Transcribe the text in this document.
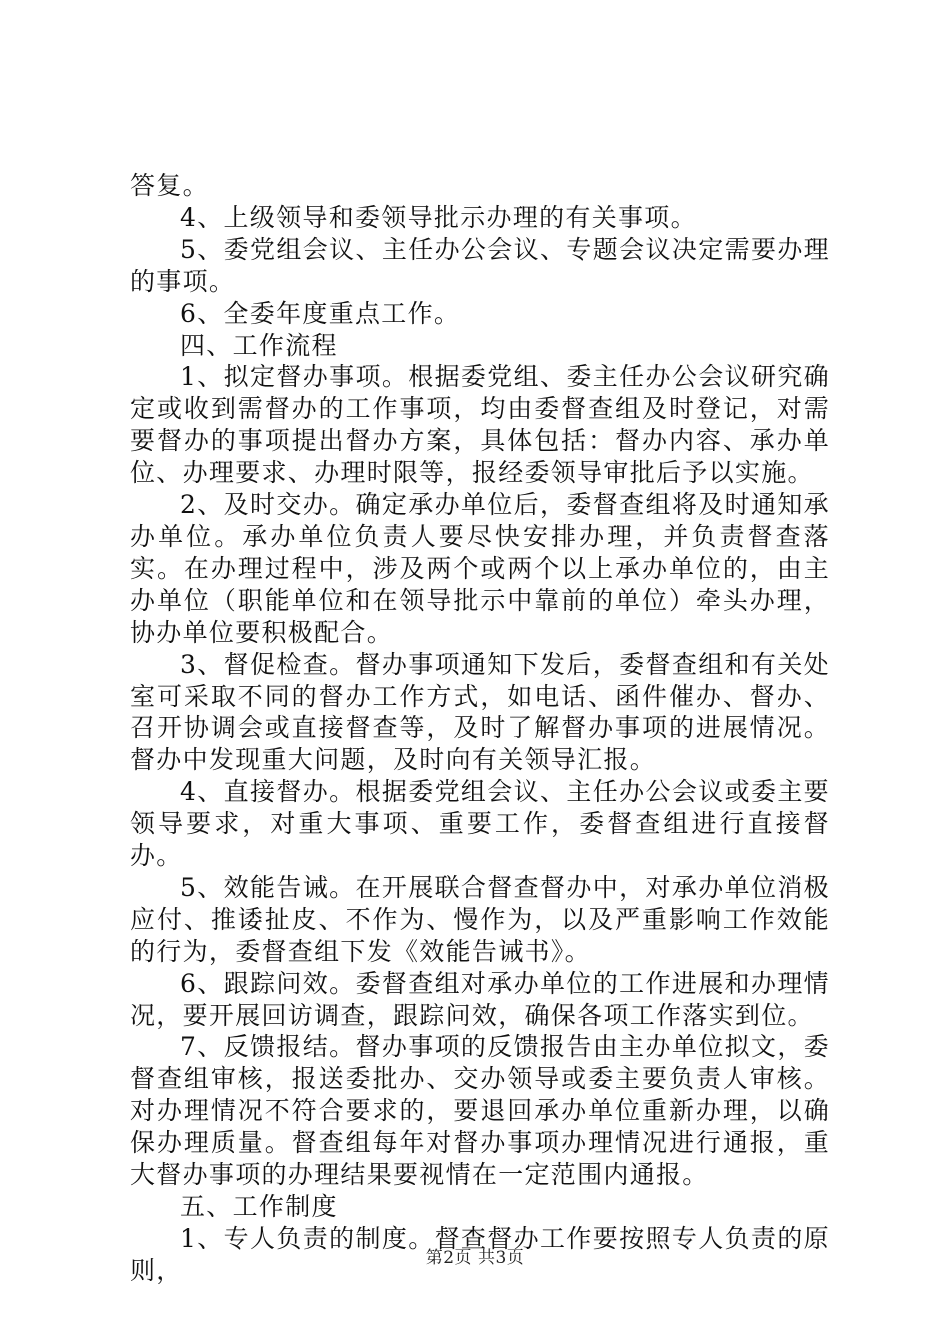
答复。

4、上级领导和委领导批示办理的有关事项。

5、委党组会议、主任办公会议、专题会议决定需要办理的事项。

6、全委年度重点工作。

四、工作流程

1、拟定督办事项。根据委党组、委主任办公会议研究确定或收到需督办的工作事项，均由委督查组及时登记，对需要督办的事项提出督办方案，具体包括：督办内容、承办单位、办理要求、办理时限等，报经委领导审批后予以实施。

2、及时交办。确定承办单位后，委督查组将及时通知承办单位。承办单位负责人要尽快安排办理，并负责督查落实。在办理过程中，涉及两个或两个以上承办单位的，由主办单位（职能单位和在领导批示中靠前的单位）牵头办理，协办单位要积极配合。

3、督促检查。督办事项通知下发后，委督查组和有关处室可采取不同的督办工作方式，如电话、函件催办、督办、召开协调会或直接督查等，及时了解督办事项的进展情况。督办中发现重大问题，及时向有关领导汇报。

4、直接督办。根据委党组会议、主任办公会议或委主要领导要求，对重大事项、重要工作，委督查组进行直接督办。

5、效能告诫。在开展联合督查督办中，对承办单位消极应付、推诿扯皮、不作为、慢作为，以及严重影响工作效能的行为，委督查组下发《效能告诫书》。

6、跟踪问效。委督查组对承办单位的工作进展和办理情况，要开展回访调查，跟踪问效，确保各项工作落实到位。

7、反馈报结。督办事项的反馈报告由主办单位拟文，委督查组审核，报送委批办、交办领导或委主要负责人审核。对办理情况不符合要求的，要退回承办单位重新办理，以确保办理质量。督查组每年对督办事项办理情况进行通报，重大督办事项的办理结果要视情在一定范围内通报。

五、工作制度

1、专人负责的制度。督查督办工作要按照专人负责的原则，	第2页 共3页
